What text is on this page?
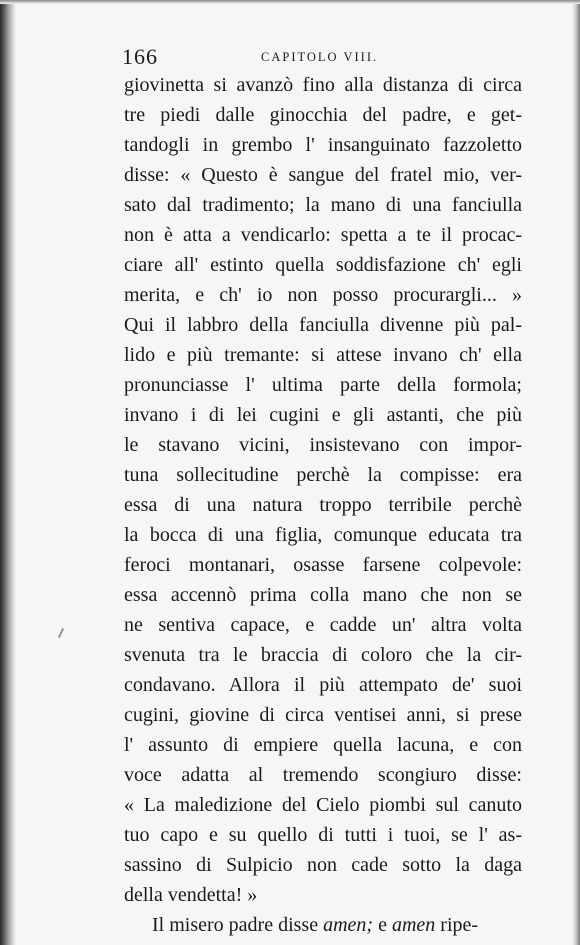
166	CAPITOLO VIII.
giovinetta si avanzò fino alla distanza di circa
tre piedi dalle ginocchia del padre, e get-
tandogli in grembo l' insanguinato fazzoletto
disse: « Questo è sangue del fratel mio, ver-
sato dal tradimento; la mano di una fanciulla
non è atta a vendicarlo: spetta a te il procac-
ciare all' estinto quella soddisfazione ch' egli
merita, e ch' io non posso procurargli... »
Qui il labbro della fanciulla divenne più pal-
lido e più tremante: si attese invano ch' ella
pronunciasse l' ultima parte della formola;
invano i di lei cugini e gli astanti, che più
le stavano vicini, insistevano con impor-
tuna sollecitudine perchè la compisse: era
essa di una natura troppo terribile perchè
la bocca di una figlia, comunque educata tra
feroci montanari, osasse farsene colpevole:
essa accennò prima colla mano che non se
ne sentiva capace, e cadde un' altra volta
svenuta tra le braccia di coloro che la cir-
condavano. Allora il più attempato de' suoi
cugini, giovine di circa ventisei anni, si prese
l' assunto di empiere quella lacuna, e con
voce adatta al tremendo scongiuro disse:
« La maledizione del Cielo piombi sul canuto
tuo capo e su quello di tutti i tuoi, se l' as-
sassino di Sulpicio non cade sotto la daga
della vendetta! »
Il misero padre disse amen; e amen ripe-
